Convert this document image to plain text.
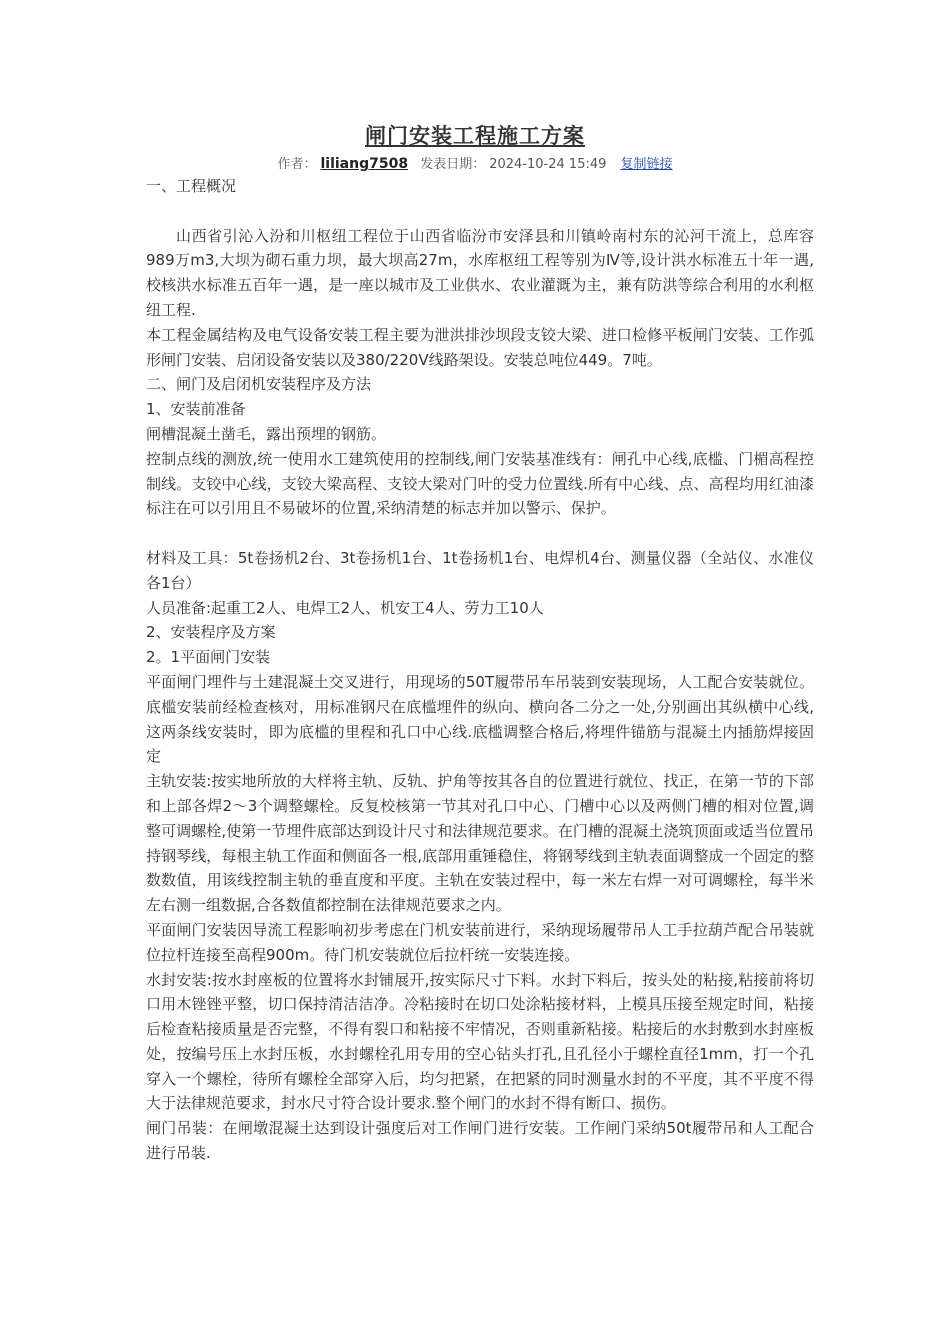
闸门安装工程施工方案
作者： liliang7508 发表日期： 2024-10-24 15:49 复制链接

一、工程概况

山西省引沁入汾和川枢纽工程位于山西省临汾市安泽县和川镇岭南村东的沁河干流上，总库容989万m3,大坝为砌石重力坝，最大坝高27m，水库枢纽工程等别为Ⅳ等,设计洪水标准五十年一遇,校核洪水标准五百年一遇，是一座以城市及工业供水、农业灌溉为主，兼有防洪等综合利用的水利枢纽工程.

本工程金属结构及电气设备安装工程主要为泄洪排沙坝段支铰大梁、进口检修平板闸门安装、工作弧形闸门安装、启闭设备安装以及380/220V线路架设。安装总吨位449。7吨。

二、闸门及启闭机安装程序及方法

1、安装前准备

闸槽混凝土凿毛，露出预埋的钢筋。

控制点线的测放,统一使用水工建筑使用的控制线,闸门安装基准线有：闸孔中心线,底槛、门楣高程控制线。支铰中心线，支铰大梁高程、支铰大梁对门叶的受力位置线.所有中心线、点、高程均用红油漆标注在可以引用且不易破坏的位置,采纳清楚的标志并加以警示、保护。

材料及工具：5t卷扬机2台、3t卷扬机1台、1t卷扬机1台、电焊机4台、测量仪器（全站仪、水准仪各1台）

人员准备:起重工2人、电焊工2人、机安工4人、劳力工10人

2、安装程序及方案

2。1平面闸门安装

平面闸门埋件与土建混凝土交叉进行，用现场的50T履带吊车吊装到安装现场，人工配合安装就位。底槛安装前经检查核对，用标准钢尺在底槛埋件的纵向、横向各二分之一处,分别画出其纵横中心线,这两条线安装时，即为底槛的里程和孔口中心线.底槛调整合格后,将埋件锚筋与混凝土内插筋焊接固定

主轨安装:按实地所放的大样将主轨、反轨、护角等按其各自的位置进行就位、找正，在第一节的下部和上部各焊2～3个调整螺栓。反复校核第一节其对孔口中心、门槽中心以及两侧门槽的相对位置,调整可调螺栓,使第一节埋件底部达到设计尺寸和法律规范要求。在门槽的混凝土浇筑顶面或适当位置吊持钢琴线，每根主轨工作面和侧面各一根,底部用重锤稳住，将钢琴线到主轨表面调整成一个固定的整数数值，用该线控制主轨的垂直度和平度。主轨在安装过程中，每一米左右焊一对可调螺栓，每半米左右测一组数据,合各数值都控制在法律规范要求之内。

平面闸门安装因导流工程影响初步考虑在门机安装前进行，采纳现场履带吊人工手拉葫芦配合吊装就位拉杆连接至高程900m。待门机安装就位后拉杆统一安装连接。

水封安装:按水封座板的位置将水封铺展开,按实际尺寸下料。水封下料后，按头处的粘接,粘接前将切口用木锉锉平整，切口保持清洁洁净。冷粘接时在切口处涂粘接材料，上模具压接至规定时间，粘接后检查粘接质量是否完整，不得有裂口和粘接不牢情况，否则重新粘接。粘接后的水封敷到水封座板处，按编号压上水封压板，水封螺栓孔用专用的空心钻头打孔,且孔径小于螺栓直径1mm，打一个孔穿入一个螺栓，待所有螺栓全部穿入后，均匀把紧，在把紧的同时测量水封的不平度，其不平度不得大于法律规范要求，封水尺寸符合设计要求.整个闸门的水封不得有断口、损伤。

闸门吊装：在闸墩混凝土达到设计强度后对工作闸门进行安装。工作闸门采纳50t履带吊和人工配合进行吊装.
